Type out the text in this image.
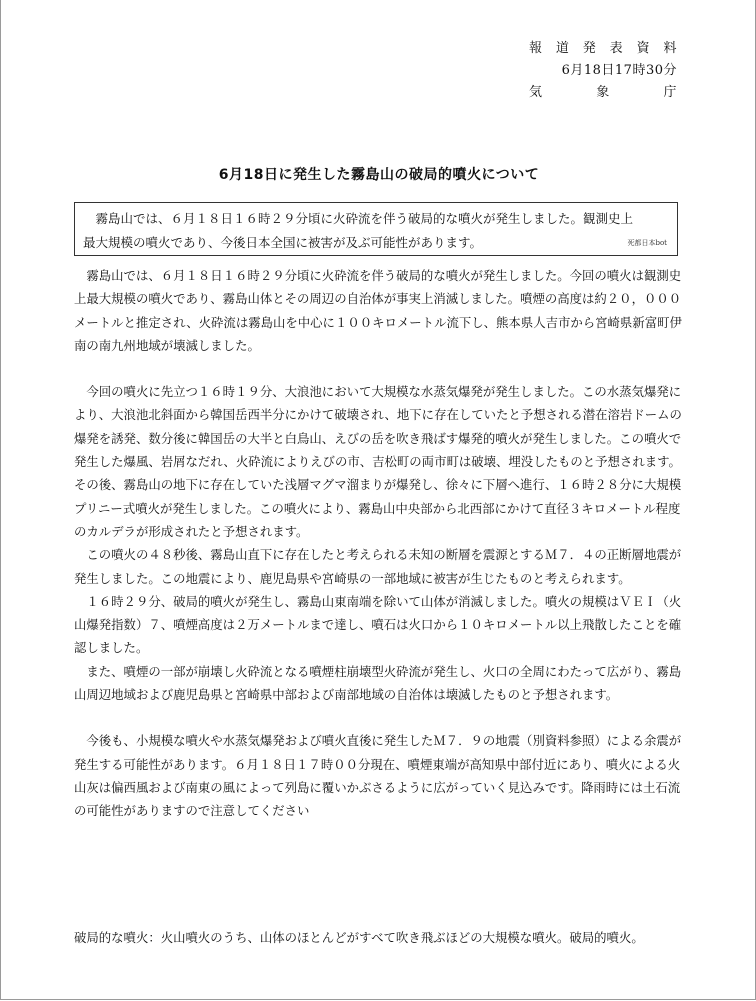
報 道 発 表 資 料
6月18日17時30分
気	象	庁
6月18日に発生した霧島山の破局的噴火について
霧島山では、６月１８日１６時２９分頃に火砕流を伴う破局的な噴火が発生しました。観測史上
最大規模の噴火であり、今後日本全国に被害が及ぶ可能性があります。	死都日本bot

霧島山では、６月１８日１６時２９分頃に火砕流を伴う破局的な噴火が発生しました。今回の噴火は観測史上最大規模の噴火であり、霧島山体とその周辺の自治体が事実上消滅しました。噴煙の高度は約２０，０００メートルと推定され、火砕流は霧島山を中心に１００キロメートル流下し、熊本県人吉市から宮崎県新富町伊南の南九州地域が壊滅しました。

今回の噴火に先立つ１６時１９分、大浪池において大規模な水蒸気爆発が発生しました。この水蒸気爆発により、大浪池北斜面から韓国岳西半分にかけて破壊され、地下に存在していたと予想される潜在溶岩ドームの爆発を誘発、数分後に韓国岳の大半と白鳥山、えびの岳を吹き飛ばす爆発的噴火が発生しました。この噴火で発生した爆風、岩屑なだれ、火砕流によりえびの市、吉松町の両市町は破壊、埋没したものと予想されます。その後、霧島山の地下に存在していた浅層マグマ溜まりが爆発し、徐々に下層へ進行、１６時２８分に大規模プリニー式噴火が発生しました。この噴火により、霧島山中央部から北西部にかけて直径３キロメートル程度のカルデラが形成されたと予想されます。

この噴火の４８秒後、霧島山直下に存在したと考えられる未知の断層を震源とするＭ７．４の正断層地震が発生しました。この地震により、鹿児島県や宮崎県の一部地域に被害が生じたものと考えられます。

１６時２９分、破局的噴火が発生し、霧島山東南端を除いて山体が消滅しました。噴火の規模はＶＥＩ（火山爆発指数）７、噴煙高度は２万メートルまで達し、噴石は火口から１０キロメートル以上飛散したことを確認しました。

また、噴煙の一部が崩壊し火砕流となる噴煙柱崩壊型火砕流が発生し、火口の全周にわたって広がり、霧島山周辺地域および鹿児島県と宮崎県中部および南部地域の自治体は壊滅したものと予想されます。

今後も、小規模な噴火や水蒸気爆発および噴火直後に発生したＭ７．９の地震（別資料参照）による余震が発生する可能性があります。６月１８日１７時００分現在、噴煙東端が高知県中部付近にあり、噴火による火山灰は偏西風および南東の風によって列島に覆いかぶさるように広がっていく見込みです。降雨時には土石流の可能性がありますので注意してください

破局的な噴火：火山噴火のうち、山体のほとんどがすべて吹き飛ぶほどの大規模な噴火。破局的噴火。
